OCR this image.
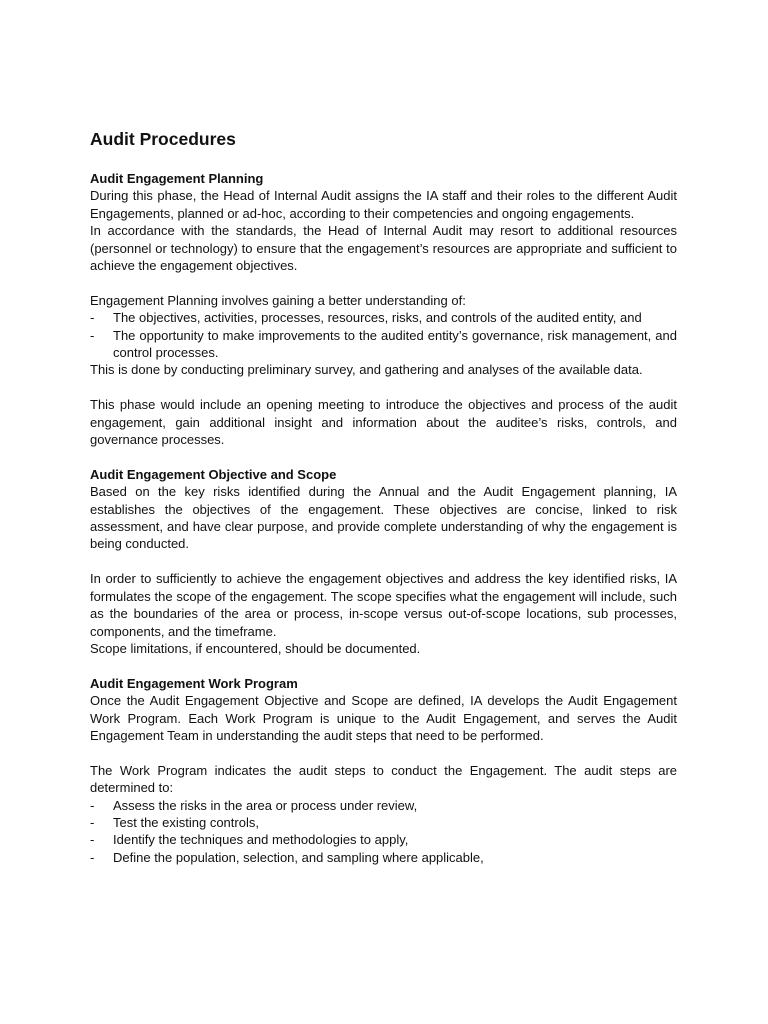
Audit Procedures

Audit Engagement Planning

During this phase, the Head of Internal Audit assigns the IA staff and their roles to the different Audit Engagements, planned or ad-hoc, according to their competencies and ongoing engagements.

In accordance with the standards, the Head of Internal Audit may resort to additional resources (personnel or technology) to ensure that the engagement’s resources are appropriate and sufficient to achieve the engagement objectives.

Engagement Planning involves gaining a better understanding of:

- The objectives, activities, processes, resources, risks, and controls of the audited entity, and
- The opportunity to make improvements to the audited entity’s governance, risk management, and control processes.

This is done by conducting preliminary survey, and gathering and analyses of the available data.

This phase would include an opening meeting to introduce the objectives and process of the audit engagement, gain additional insight and information about the auditee’s risks, controls, and governance processes.

Audit Engagement Objective and Scope

Based on the key risks identified during the Annual and the Audit Engagement planning, IA establishes the objectives of the engagement. These objectives are concise, linked to risk assessment, and have clear purpose, and provide complete understanding of why the engagement is being conducted.

In order to sufficiently to achieve the engagement objectives and address the key identified risks, IA formulates the scope of the engagement. The scope specifies what the engagement will include, such as the boundaries of the area or process, in-scope versus out-of-scope locations, sub processes, components, and the timeframe.

Scope limitations, if encountered, should be documented.

Audit Engagement Work Program

Once the Audit Engagement Objective and Scope are defined, IA develops the Audit Engagement Work Program. Each Work Program is unique to the Audit Engagement, and serves the Audit Engagement Team in understanding the audit steps that need to be performed.

The Work Program indicates the audit steps to conduct the Engagement. The audit steps are determined to:

- Assess the risks in the area or process under review,
- Test the existing controls,
- Identify the techniques and methodologies to apply,
- Define the population, selection, and sampling where applicable,
